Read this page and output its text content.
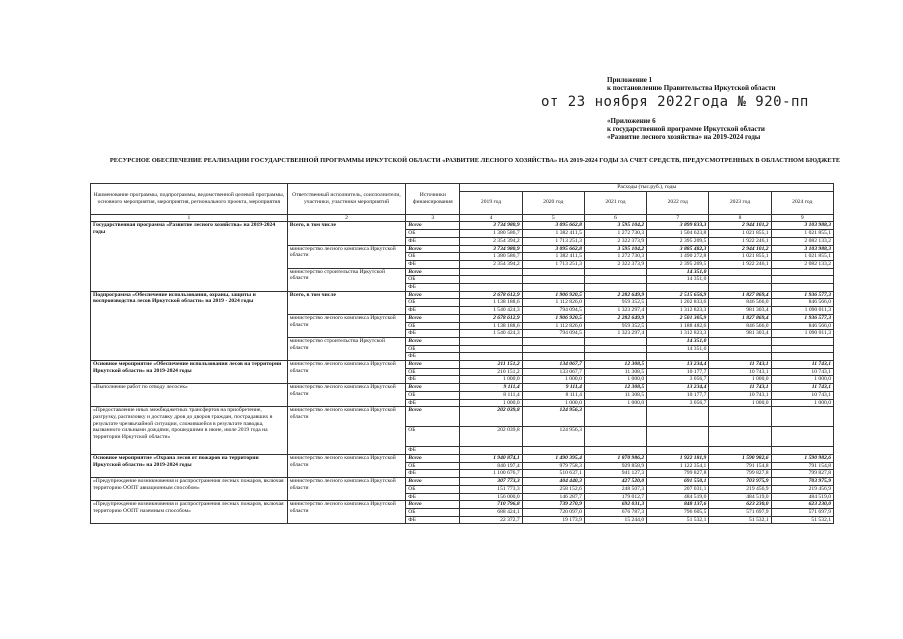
Приложение 1
к постановлению Правительства Иркутской области
от 23 ноября 2022года № 920-пп
«Приложение 6
к государственной программе Иркутской области
«Развитие лесного хозяйства» на 2019-2024 годы
РЕСУРСНОЕ ОБЕСПЕЧЕНИЕ РЕАЛИЗАЦИИ ГОСУДАРСТВЕННОЙ ПРОГРАММЫ ИРКУТСКОЙ ОБЛАСТИ «РАЗВИТИЕ ЛЕСНОГО ХОЗЯЙСТВА» НА 2019-2024 ГОДЫ ЗА СЧЕТ СРЕДСТВ, ПРЕДУСМОТРЕННЫХ В ОБЛАСТНОМ БЮДЖЕТЕ
Наименование программы, подпрограммы, ведомственной целевой программы, основного мероприятия, мероприятия, регионального проекта, мероприятия	Ответственный исполнитель, соисполнители, участники, участники мероприятий	Источники финансирования	Расходы (тыс.руб.), годы					
			2019 год	2020 год	2021 год	2022 год	2023 год	2024 год
1	2	3	4	5	6	7	8	9
Государственная программа «Развитие лесного хозяйства» на 2019-2024 годы	Всего, в том числе	Всего	3 734 980,9	3 095 662,8	3 595 104,2	3 899 833,3	2 944 101,2	3 103 988,3
		ОБ	1 380 586,7	1 382 411,5	1 272 730,3	1 504 623,8	1 021 855,1	1 021 855,1
		ФБ	2 354 394,2	1 713 251,3	2 322 373,9	2 395 209,5	1 922 246,1	2 082 133,2
	министерство лесного комплекса Иркутской области	Всего	3 734 980,9	3 095 662,8	3 595 104,2	3 885 482,3	2 944 101,2	3 103 988,3
		ОБ	1 380 586,7	1 382 411,5	1 272 730,3	1 490 272,8	1 021 855,1	1 021 855,1
		ФБ	2 354 394,2	1 713 251,3	2 322 373,9	2 395 209,5	1 922 246,1	2 082 133,2
	министерство строительства Иркутской области	Всего				14 351,0		
		ОБ				14 351,0		
		ФБ						
Подпрограмма «Обеспечение использования, охраны, защиты и воспроизводства лесов Иркутской области» на 2019 - 2024 годы	Всего, в том числе	Всего	2 678 612,9	1 906 920,5	2 282 649,9	2 515 656,9	1 827 869,4	1 936 577,3
		ОБ	1 138 188,6	1 112 826,0	959 352,5	1 202 833,6	846 566,0	846 566,0
		ФБ	1 540 424,3	794 094,5	1 323 297,4	1 312 823,3	981 303,4	1 090 011,3
	министерство лесного комплекса Иркутской области	Всего	2 678 612,9	1 906 920,5	2 282 649,9	2 501 305,9	1 827 869,4	1 936 577,3
		ОБ	1 138 188,6	1 112 826,0	959 352,5	1 188 482,6	846 566,0	846 566,0
		ФБ	1 540 424,3	794 094,5	1 323 297,4	1 312 823,3	981 303,4	1 090 011,3
	министерство строительства Иркутской области	Всего				14 351,0		
		ОБ				14 351,0		
		ФБ						
Основное мероприятие «Обеспечение использования лесов на территории Иркутской области» на 2019-2024 годы	министерство лесного комплекса Иркутской области	Всего	211 151,2	134 067,7	12 308,5	13 234,4	11 743,1	11 743,1
		ОБ	210 151,2	133 067,7	11 308,5	10 177,7	10 743,1	10 743,1
		ФБ	1 000,0	1 000,0	1 000,0	3 056,7	1 000,0	1 000,0
«Выполнение работ по отводу лесосек»	министерство лесного комплекса Иркутской области	Всего	9 111,4	9 111,4	12 308,5	13 234,4	11 743,1	11 743,1
		ОБ	8 111,4	8 111,4	11 308,5	10 177,7	10 743,1	10 743,1
		ФБ	1 000,0	1 000,0	1 000,0	3 056,7	1 000,0	1 000,0
«Предоставление иных межбюджетных трансфертов на приобретение, разгрузку, распиловку и доставку дров до дворов граждан, пострадавших в результате чрезвычайной ситуации, сложившейся в результате паводка, вызванного сильными дождями, прошедшими в июне, июле 2019 года на территории Иркутской области»	министерство лесного комплекса Иркутской области	Всего	202 039,8	124 956,3				
		ОБ	202 039,8	124 956,3				
		ФБ						
Основное мероприятие «Охрана лесов от пожаров на территории Иркутской области» на 2019-2024 годы	министерство лесного комплекса Иркутской области	Всего	1 940 874,1	1 490 395,4	1 870 986,2	1 922 181,9	1 590 982,6	1 590 982,6
		ОБ	840 197,4	979 758,3	929 858,9	1 122 354,1	791 154,8	791 154,8
		ФБ	1 100 676,7	510 637,1	941 127,3	799 827,8	799 827,8	799 827,8
«Предупреждение возникновения и распространения лесных пожаров, включая территорию ООПТ авиационным способом»	министерство лесного комплекса Иркутской области	Всего	307 773,3	404 440,3	427 520,0	691 550,1	703 975,9	703 975,9
		ОБ	151 773,3	258 152,6	248 507,3	207 031,1	219 456,9	219 456,9
		ФБ	156 000,0	146 287,7	179 012,7	484 519,0	484 519,0	484 519,0
«Предупреждение возникновения и распространения лесных пожаров, включая территорию ООПТ наземным способом»	министерство лесного комплекса Иркутской области	Всего	710 796,8	739 270,9	692 031,3	848 137,6	623 230,0	623 230,0
		ОБ	688 424,1	720 097,0	676 787,3	796 605,5	571 697,9	571 697,9
		ФБ	22 372,7	19 173,9	15 244,0	51 532,1	51 532,1	51 532,1
